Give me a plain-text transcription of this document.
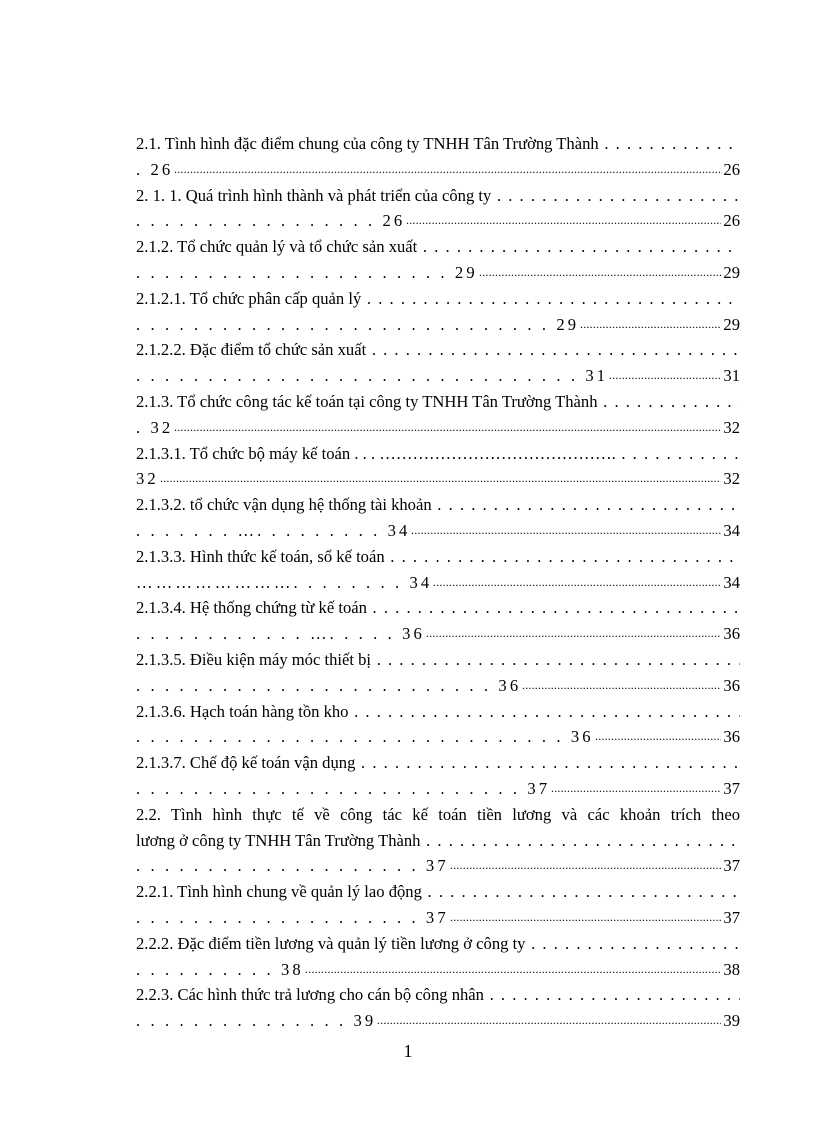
2.1. Tình hình đặc điểm chung của công ty TNHH Tân Trường Thành . . .
. 26 .....	26
2. 1. 1. Quá trình hình thành và phát triển của công ty . . .
. . . . . . . . . . . . . . . . . 26 .....	26
2.1.2. Tổ chức quản lý và tổ chức sản xuất . . .
. . . . . . . . . . . . . . . . . . . . . . 29 .....	29
2.1.2.1. Tổ chức phân cấp quản lý . . .
. . . . . . . . . . . . . . . . . . . . . . . . . . . . . 29 .....	29
2.1.2.2. Đặc điểm tổ chức sản xuất . . .
. . . . . . . . . . . . . . . . . . . . . . . . . . . . . . . 31 .....	31
2.1.3. Tổ chức công tác kế toán tại công ty TNHH Tân Trường Thành . . .
. 32 .....	32
2.1.3.1. Tổ chức bộ máy kế toán . . . ……………………………………. . . .
32 .....	32
2.1.3.2. tổ chức vận dụng hệ thống tài khoản . . .
. . . . . . . …. . . . . . . . . 34 .....	34
2.1.3.3. Hình thức kế toán, sổ kế toán . . .
……………………. . . . . . . . 34 .....	34
2.1.3.4. Hệ thống chứng từ kế toán . . .
. . . . . . . . . . . . …. . . . . 36 .....	36
2.1.3.5. Điều kiện máy móc thiết bị . . .
. . . . . . . . . . . . . . . . . . . . . . . . . 36 .....	36
2.1.3.6. Hạch toán hàng tồn kho . . .
. . . . . . . . . . . . . . . . . . . . . . . . . . . . . . 36 .....	36
2.1.3.7. Chế độ kế toán vận dụng . . .
. . . . . . . . . . . . . . . . . . . . . . . . . . . 37 .....	37
2.2. Tình hình thực tế về công tác kế toán tiền lương và các khoản trích theo
lương ở công ty TNHH Tân Trường Thành . . .
. . . . . . . . . . . . . . . . . . . . 37 .....	37
2.2.1. Tình hình chung về quản lý lao động . . .
. . . . . . . . . . . . . . . . . . . . 37 .....	37
2.2.2. Đặc điểm tiền lương và quản lý tiền lương ở công ty . . .
. . . . . . . . . . 38 .....	38
2.2.3. Các hình thức trả lương cho cán bộ công nhân . . .
. . . . . . . . . . . . . . . 39 .....	39
1
